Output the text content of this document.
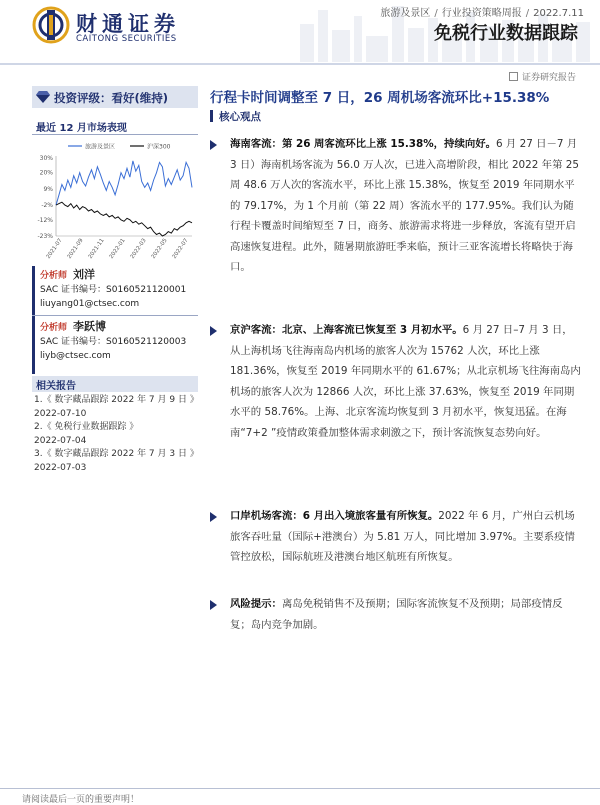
财通证券
CAITONG SECURITIES
旅游及景区 / 行业投资策略周报 / 2022.7.11
免税行业数据跟踪
证券研究报告
投资评级：看好(维持)
最近 12 月市场表现
旅游及景区	沪深300
30%
20%
9%
-2%
-12%
-23%
2021-07 2021-09 2021-11 2022-01 2022-03 2022-05 2022-07
分析师 刘洋
SAC 证书编号：S0160521120001
liuyang01@ctsec.com
分析师 李跃博
SAC 证书编号：S0160521120003
liyb@ctsec.com
相关报告
1.《 数字藏品跟踪 2022 年 7 月 9 日 》
2022-07-10
2.《 免税行业数据跟踪 》
2022-07-04
3.《 数字藏品跟踪 2022 年 7 月 3 日 》
2022-07-03
行程卡时间调整至 7 日，26 周机场客流环比+15.38%
核心观点
海南客流：第 26 周客流环比上涨 15.38%，持续向好。6 月 27 日－7 月 3 日）海南机场客流为 56.0 万人次，已进入高增阶段，相比 2022 年第 25 周 48.6 万人次的客流水平，环比上涨 15.38%，恢复至 2019 年同期水平的 79.17%，为 1 个月前（第 22 周）客流水平的 177.95%。我们认为随行程卡覆盖时间缩短至 7 日，商务、旅游需求将进一步释放，客流有望开启高速恢复进程。此外，随暑期旅游旺季来临，预计三亚客流增长将略快于海口。
京沪客流：北京、上海客流已恢复至 3 月初水平。6 月 27 日–7 月 3 日，从上海机场飞往海南岛内机场的旅客人次为 15762 人次，环比上涨 181.36%，恢复至 2019 年同期水平的 61.67%；从北京机场飞往海南岛内机场的旅客人次为 12866 人次，环比上涨 37.63%，恢复至 2019 年同期水平的 58.76%。上海、北京客流均恢复到 3 月初水平，恢复迅猛。在海南“7+2 ”疫情政策叠加整体需求刺激之下，预计客流恢复态势向好。
口岸机场客流：6 月出入境旅客量有所恢复。2022 年 6 月，广州白云机场旅客吞吐量（国际+港澳台）为 5.81 万人，同比增加 3.97%。主要系疫情管控放松，国际航班及港澳台地区航班有所恢复。
风险提示：离岛免税销售不及预期；国际客流恢复不及预期；局部疫情反复；岛内竞争加剧。
请阅读最后一页的重要声明！
